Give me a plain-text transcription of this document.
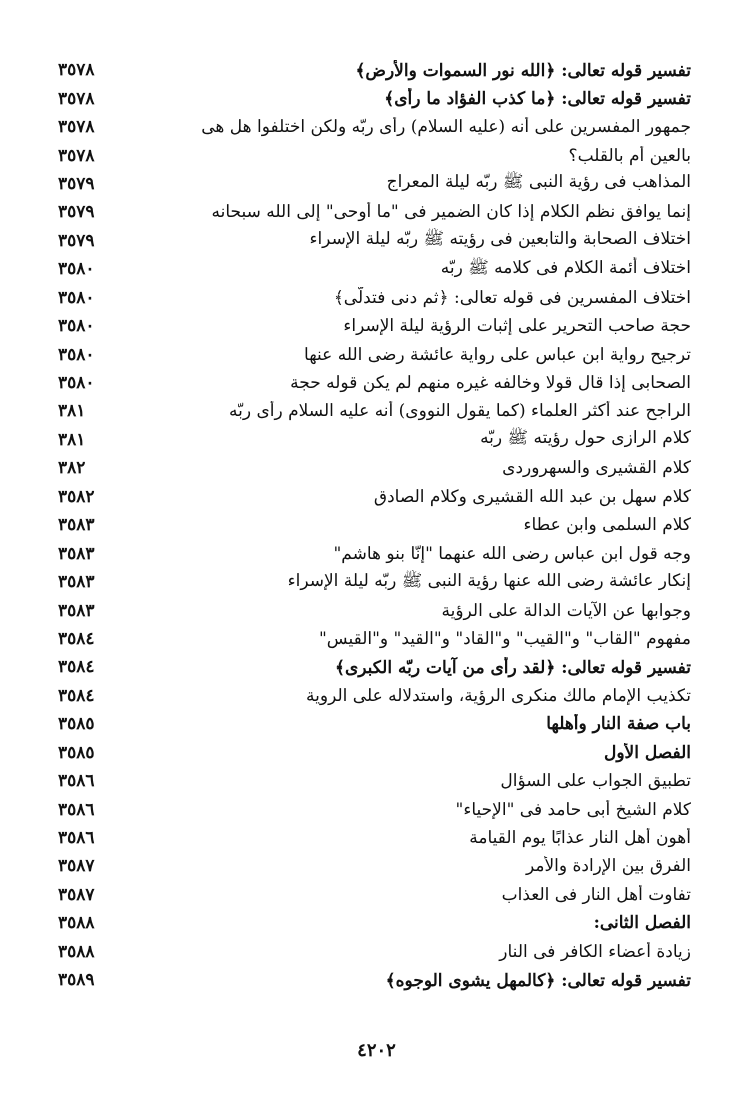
تفسير قوله تعالى: ﴿الله نور السموات والأرض﴾
٣٥٧٨
تفسير قوله تعالى: ﴿ما كذب الفؤاد ما رأى﴾
٣٥٧٨
جمهور المفسرين على أنه (عليه السلام) رأى ربّه ولكن اختلفوا هل هى
٣٥٧٨
بالعين أم بالقلب؟
٣٥٧٨
المذاهب فى رؤية النبى ﷺ ربّه ليلة المعراج
٣٥٧٩
إنما يوافق نظم الكلام إذا كان الضمير فى "ما أوحى" إلى الله سبحانه
٣٥٧٩
اختلاف الصحابة والتابعين فى رؤيته ﷺ ربّه ليلة الإسراء
٣٥٧٩
اختلاف أئمة الكلام فى كلامه ﷺ ربّه
٣٥٨٠
اختلاف المفسرين فى قوله تعالى: ﴿ثم دنى فتدلّى﴾
٣٥٨٠
حجة صاحب التحرير على إثبات الرؤية ليلة الإسراء
٣٥٨٠
ترجيح رواية ابن عباس على رواية عائشة رضى الله عنها
٣٥٨٠
الصحابى إذا قال قولا وخالفه غيره منهم لم يكن قوله حجة
٣٥٨٠
الراجح عند أكثر العلماء (كما يقول النووى) أنه عليه السلام رأى ربّه
٣٨١
كلام الرازى حول رؤيته ﷺ ربّه
٣٨١
كلام القشيرى والسهروردى
٣٨٢
كلام سهل بن عبد الله القشيرى وكلام الصادق
٣٥٨٢
كلام السلمى وابن عطاء
٣٥٨٣
وجه قول ابن عباس رضى الله عنهما "إنّا بنو هاشم"
٣٥٨٣
إنكار عائشة رضى الله عنها رؤية النبى ﷺ ربّه ليلة الإسراء
٣٥٨٣
وجوابها عن الآيات الدالة على الرؤية
٣٥٨٣
مفهوم "القاب" و"القيب" و"القاد" و"القيد" و"القيس"
٣٥٨٤
تفسير قوله تعالى: ﴿لقد رأى من آيات ربّه الكبرى﴾
٣٥٨٤
تكذيب الإمام مالك منكرى الرؤية، واستدلاله على الروية
٣٥٨٤
باب صفة النار وأهلها
٣٥٨٥
الفصل الأول
٣٥٨٥
تطبيق الجواب على السؤال
٣٥٨٦
كلام الشيخ أبى حامد فى "الإحياء"
٣٥٨٦
أهون أهل النار عذابًا يوم القيامة
٣٥٨٦
الفرق بين الإرادة والأمر
٣٥٨٧
تفاوت أهل النار فى العذاب
٣٥٨٧
الفصل الثانى:
٣٥٨٨
زيادة أعضاء الكافر فى النار
٣٥٨٨
تفسير قوله تعالى: ﴿كالمهل يشوى الوجوه﴾
٣٥٨٩
٤٢٠٢
